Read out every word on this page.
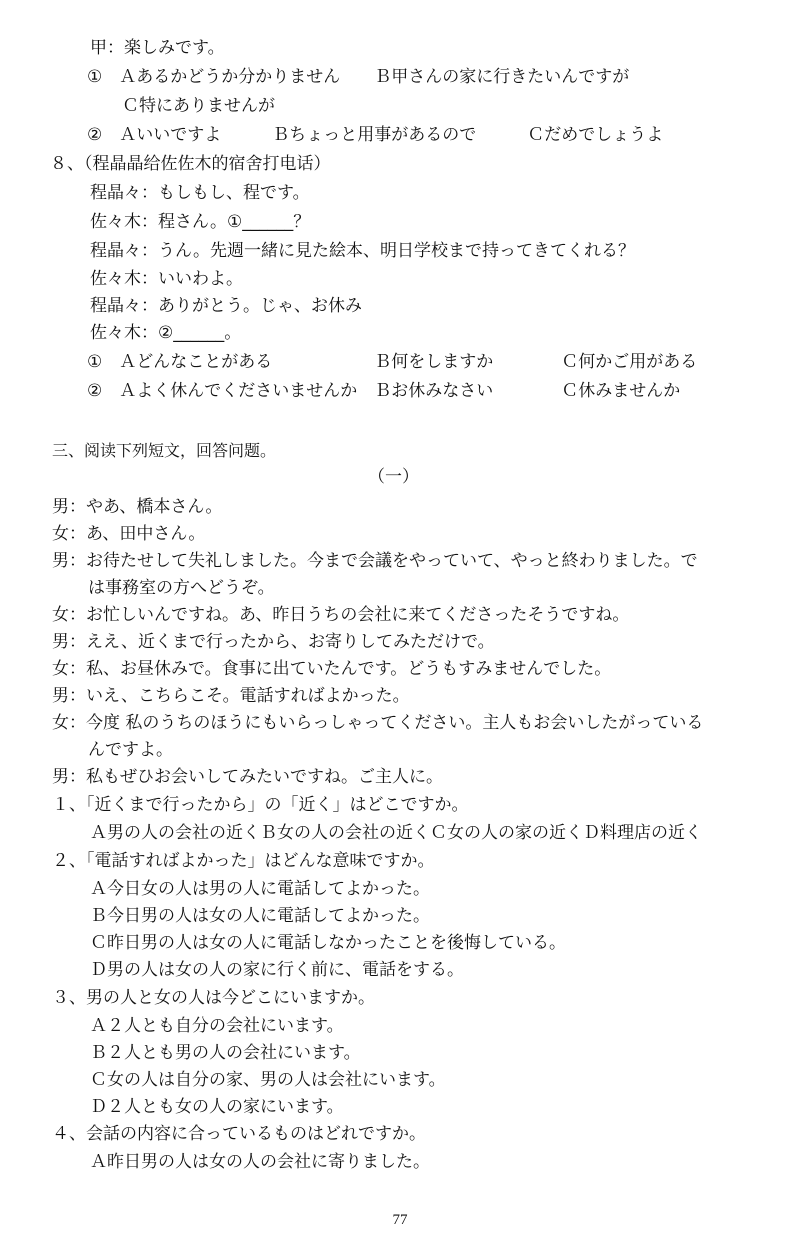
甲：楽しみです。
①　Ａあるかどうか分かりません　　Ｂ甲さんの家に行きたいんですが
Ｃ特にありませんが
②　Ａいいですよ　　　Ｂちょっと用事があるので　　　Ｃだめでしょうよ
８、（程晶晶给佐佐木的宿舍打电话）
程晶々：もしもし、程です。
佐々木：程さん。①______？
程晶々：うん。先週一緒に見た絵本、明日学校まで持ってきてくれる？
佐々木：いいわよ。
程晶々：ありがとう。じゃ、お休み
佐々木：②______。
①　Ａどんなことがある　　　　　　Ｂ何をしますか　　　　Ｃ何かご用がある
②　Ａよく休んでくださいませんか　Ｂお休みなさい　　　　Ｃ休みませんか
三、阅读下列短文，回答问题。
（一）
男：やあ、橋本さん。
女：あ、田中さん。
男：お待たせして失礼しました。今まで会議をやっていて、やっと終わりました。で
は事務室の方へどうぞ。
女：お忙しいんですね。あ、昨日うちの会社に来てくださったそうですね。
男：ええ、近くまで行ったから、お寄りしてみただけで。
女：私、お昼休みで。食事に出ていたんです。どうもすみませんでした。
男：いえ、こちらこそ。電話すればよかった。
女：今度 私のうちのほうにもいらっしゃってください。主人もお会いしたがっている
んですよ。
男：私もぜひお会いしてみたいですね。ご主人に。
１、「近くまで行ったから」の「近く」はどこですか。
Ａ男の人の会社の近くＢ女の人の会社の近くＣ女の人の家の近くＤ料理店の近く
２、「電話すればよかった」はどんな意味ですか。
Ａ今日女の人は男の人に電話してよかった。
Ｂ今日男の人は女の人に電話してよかった。
Ｃ昨日男の人は女の人に電話しなかったことを後悔している。
Ｄ男の人は女の人の家に行く前に、電話をする。
３、男の人と女の人は今どこにいますか。
Ａ２人とも自分の会社にいます。
Ｂ２人とも男の人の会社にいます。
Ｃ女の人は自分の家、男の人は会社にいます。
Ｄ２人とも女の人の家にいます。
４、会話の内容に合っているものはどれですか。
Ａ昨日男の人は女の人の会社に寄りました。
77
